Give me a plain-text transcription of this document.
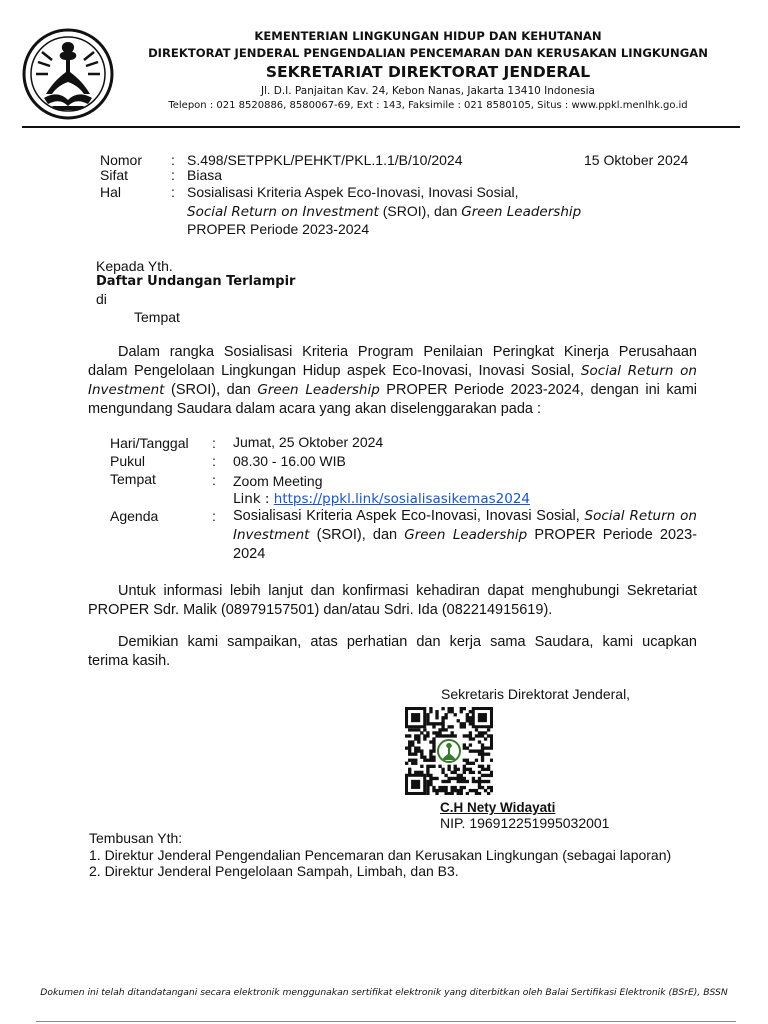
KEMENTERIAN LINGKUNGAN HIDUP DAN KEHUTANAN
DIREKTORAT JENDERAL PENGENDALIAN PENCEMARAN DAN KERUSAKAN LINGKUNGAN
SEKRETARIAT DIREKTORAT JENDERAL
Jl. D.I. Panjaitan Kav. 24, Kebon Nanas, Jakarta 13410 Indonesia
Telepon : 021 8520886, 8580067-69, Ext : 143, Faksimile : 021 8580105, Situs : www.ppkl.menlhk.go.id
Nomor : S.498/SETPPKL/PEHKT/PKL.1.1/B/10/2024	15 Oktober 2024
Sifat	: Biasa
Hal	: Sosialisasi Kriteria Aspek Eco-Inovasi, Inovasi Sosial,
Social Return on Investment (SROI), dan Green Leadership
PROPER Periode 2023-2024
Kepada Yth.
Daftar Undangan Terlampir
di
Tempat
Dalam rangka Sosialisasi Kriteria Program Penilaian Peringkat Kinerja Perusahaan
dalam Pengelolaan Lingkungan Hidup aspek Eco-Inovasi, Inovasi Sosial, Social Return on
Investment (SROI), dan Green Leadership PROPER Periode 2023-2024, dengan ini kami
mengundang Saudara dalam acara yang akan diselenggarakan pada :
Hari/Tanggal : Jumat, 25 Oktober 2024
Pukul	: 08.30 - 16.00 WIB
Tempat	: Zoom Meeting
Link : https://ppkl.link/sosialisasikemas2024
Agenda	: Sosialisasi Kriteria Aspek Eco-Inovasi, Inovasi Sosial, Social Return on
Investment (SROI), dan Green Leadership PROPER Periode 2023-
2024
Untuk informasi lebih lanjut dan konfirmasi kehadiran dapat menghubungi Sekretariat
PROPER Sdr. Malik (08979157501) dan/atau Sdri. Ida (082214915619).
Demikian kami sampaikan, atas perhatian dan kerja sama Saudara, kami ucapkan
terima kasih.
Sekretaris Direktorat Jenderal,
C.H Nety Widayati
NIP. 196912251995032001
Tembusan Yth:
1. Direktur Jenderal Pengendalian Pencemaran dan Kerusakan Lingkungan (sebagai laporan)
2. Direktur Jenderal Pengelolaan Sampah, Limbah, dan B3.
Dokumen ini telah ditandatangani secara elektronik menggunakan sertifikat elektronik yang diterbitkan oleh Balai Sertifikasi Elektronik (BSrE), BSSN
